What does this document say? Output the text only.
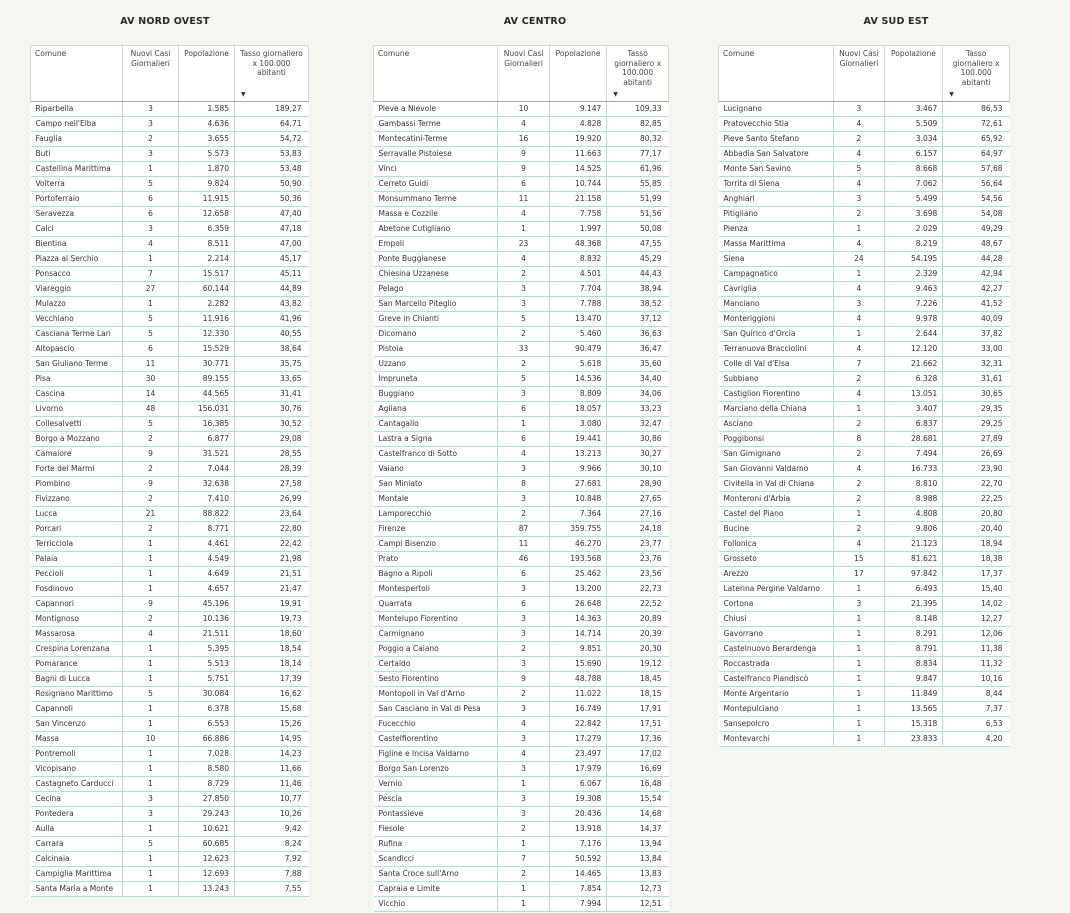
AV NORD OVEST
Comune	Nuovi Casi Giornalieri	Popolazione	Tasso giornaliero x 100.000 abitanti
▼

Riparbella	3	1.585	189,27
Campo nell'Elba	3	4.636	64,71
Fauglia	2	3.655	54,72
Buti	3	5.573	53,83
Castellina Marittima	1	1.870	53,48
Volterra	5	9.824	50,90
Portoferraio	6	11.915	50,36
Seravezza	6	12.658	47,40
Calci	3	6.359	47,18
Bientina	4	8.511	47,00
Piazza al Serchio	1	2.214	45,17
Ponsacco	7	15.517	45,11
Viareggio	27	60.144	44,89
Mulazzo	1	2.282	43,82
Vecchiano	5	11.916	41,96
Casciana Terme Lari	5	12.330	40,55
Altopascio	6	15.529	38,64
San Giuliano Terme	11	30.771	35,75
Pisa	30	89.155	33,65
Cascina	14	44.565	31,41
Livorno	48	156.031	30,76
Collesalvetti	5	16.385	30,52
Borgo a Mozzano	2	6.877	29,08
Camaiore	9	31.521	28,55
Forte dei Marmi	2	7.044	28,39
Piombino	9	32.638	27,58
Fivizzano	2	7.410	26,99
Lucca	21	88.822	23,64
Porcari	2	8.771	22,80
Terricciola	1	4.461	22,42
Palaia	1	4.549	21,98
Peccioli	1	4.649	21,51
Fosdinovo	1	4.657	21,47
Capannori	9	45.196	19,91
Montignoso	2	10.136	19,73
Massarosa	4	21.511	18,60
Crespina Lorenzana	1	5.395	18,54
Pomarance	1	5.513	18,14
Bagni di Lucca	1	5.751	17,39
Rosignano Marittimo	5	30.084	16,62
Capannoli	1	6.378	15,68
San Vincenzo	1	6.553	15,26
Massa	10	66.886	14,95
Pontremoli	1	7.028	14,23
Vicopisano	1	8.580	11,66
Castagneto Carducci	1	8.729	11,46
Cecina	3	27.850	10,77
Pontedera	3	29.243	10,26
Aulla	1	10.621	9,42
Carrara	5	60.685	8,24
Calcinaia	1	12.623	7,92
Campiglia Marittima	1	12.693	7,88
Santa Maria a Monte	1	13.243	7,55
AV CENTRO
Comune	Nuovi Casi Giornalieri	Popolazione	Tasso giornaliero x 100.000 abitanti
▼

Pieve a Nievole	10	9.147	109,33
Gambassi Terme	4	4.828	82,85
Montecatini-Terme	16	19.920	80,32
Serravalle Pistoiese	9	11.663	77,17
Vinci	9	14.525	61,96
Cerreto Guidi	6	10.744	55,85
Monsummano Terme	11	21.158	51,99
Massa e Cozzile	4	7.758	51,56
Abetone Cutigliano	1	1.997	50,08
Empoli	23	48.368	47,55
Ponte Buggianese	4	8.832	45,29
Chiesina Uzzanese	2	4.501	44,43
Pelago	3	7.704	38,94
San Marcello Piteglio	3	7.788	38,52
Greve in Chianti	5	13.470	37,12
Dicomano	2	5.460	36,63
Pistoia	33	90.479	36,47
Uzzano	2	5.618	35,60
Impruneta	5	14.536	34,40
Buggiano	3	8.809	34,06
Agliana	6	18.057	33,23
Cantagallo	1	3.080	32,47
Lastra a Signa	6	19.441	30,86
Castelfranco di Sotto	4	13.213	30,27
Vaiano	3	9.966	30,10
San Miniato	8	27.681	28,90
Montale	3	10.848	27,65
Lamporecchio	2	7.364	27,16
Firenze	87	359.755	24,18
Campi Bisenzio	11	46.270	23,77
Prato	46	193.568	23,76
Bagno a Ripoli	6	25.462	23,56
Montespertoli	3	13.200	22,73
Quarrata	6	26.648	22,52
Montelupo Fiorentino	3	14.363	20,89
Carmignano	3	14.714	20,39
Poggio a Caiano	2	9.851	20,30
Certaldo	3	15.690	19,12
Sesto Fiorentino	9	48.788	18,45
Montopoli in Val d'Arno	2	11.022	18,15
San Casciano in Val di Pesa	3	16.749	17,91
Fucecchio	4	22.842	17,51
Castelfiorentino	3	17.279	17,36
Figline e Incisa Valdarno	4	23.497	17,02
Borgo San Lorenzo	3	17.979	16,69
Vernio	1	6.067	16,48
Pescia	3	19.308	15,54
Pontassieve	3	20.436	14,68
Fiesole	2	13.918	14,37
Rufina	1	7.176	13,94
Scandicci	7	50.592	13,84
Santa Croce sull'Arno	2	14.465	13,83
Capraia e Limite	1	7.854	12,73
Vicchio	1	7.994	12,51
AV SUD EST
Comune	Nuovi Casi Giornalieri	Popolazione	Tasso giornaliero x 100.000 abitanti
▼

Lucignano	3	3.467	86,53
Pratovecchio Stia	4	5.509	72,61
Pieve Santo Stefano	2	3.034	65,92
Abbadia San Salvatore	4	6.157	64,97
Monte San Savino	5	8.668	57,68
Torrita di Siena	4	7.062	56,64
Anghiari	3	5.499	54,56
Pitigliano	2	3.698	54,08
Pienza	1	2.029	49,29
Massa Marittima	4	8.219	48,67
Siena	24	54.195	44,28
Campagnatico	1	2.329	42,94
Cavriglia	4	9.463	42,27
Manciano	3	7.226	41,52
Monteriggioni	4	9.978	40,09
San Quirico d'Orcia	1	2.644	37,82
Terranuova Bracciolini	4	12.120	33,00
Colle di Val d'Elsa	7	21.662	32,31
Subbiano	2	6.328	31,61
Castiglion Fiorentino	4	13.051	30,65
Marciano della Chiana	1	3.407	29,35
Asciano	2	6.837	29,25
Poggibonsi	8	28.681	27,89
San Gimignano	2	7.494	26,69
San Giovanni Valdarno	4	16.733	23,90
Civitella in Val di Chiana	2	8.810	22,70
Monteroni d'Arbia	2	8.988	22,25
Castel del Piano	1	4.808	20,80
Bucine	2	9.806	20,40
Follonica	4	21.123	18,94
Grosseto	15	81.621	18,38
Arezzo	17	97.842	17,37
Laterina Pergine Valdarno	1	6.493	15,40
Cortona	3	21.395	14,02
Chiusi	1	8.148	12,27
Gavorrano	1	8.291	12,06
Castelnuovo Berardenga	1	8.791	11,38
Roccastrada	1	8.834	11,32
Castelfranco Piandiscò	1	9.847	10,16
Monte Argentario	1	11.849	8,44
Montepulciano	1	13.565	7,37
Sansepolcro	1	15.318	6,53
Montevarchi	1	23.833	4,20
